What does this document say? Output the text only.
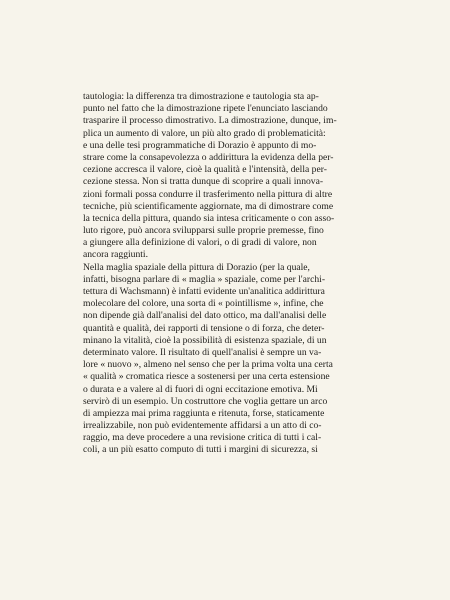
tautologia: la differenza tra dimostrazione e tautologia sta ap-
punto nel fatto che la dimostrazione ripete l'enunciato lasciando
trasparire il processo dimostrativo. La dimostrazione, dunque, im-
plica un aumento di valore, un più alto grado di problematicità:
e una delle tesi programmatiche di Dorazio è appunto di mo-
strare come la consapevolezza o addirittura la evidenza della per-
cezione accresca il valore, cioè la qualità e l'intensità, della per-
cezione stessa. Non si tratta dunque di scoprire a quali innova-
zioni formali possa condurre il trasferimento nella pittura di altre
tecniche, più scientificamente aggiornate, ma di dimostrare come
la tecnica della pittura, quando sia intesa criticamente o con asso-
luto rigore, può ancora svilupparsi sulle proprie premesse, fino
a giungere alla definizione di valori, o di gradi di valore, non
ancora raggiunti.
Nella maglia spaziale della pittura di Dorazio (per la quale,
infatti, bisogna parlare di « maglia » spaziale, come per l'archi-
tettura di Wachsmann) è infatti evidente un'analitica addirittura
molecolare del colore, una sorta di « pointillisme », infine, che
non dipende già dall'analisi del dato ottico, ma dall'analisi delle
quantità e qualità, dei rapporti di tensione o di forza, che deter-
minano la vitalità, cioè la possibilità di esistenza spaziale, di un
determinato valore. Il risultato di quell'analisi è sempre un va-
lore « nuovo », almeno nel senso che per la prima volta una certa
« qualità » cromatica riesce a sostenersi per una certa estensione
o durata e a valere al di fuori di ogni eccitazione emotiva. Mi
servirò di un esempio. Un costruttore che voglia gettare un arco
di ampiezza mai prima raggiunta e ritenuta, forse, staticamente
irrealizzabile, non può evidentemente affidarsi a un atto di co-
raggio, ma deve procedere a una revisione critica di tutti i cal-
coli, a un più esatto computo di tutti i margini di sicurezza, si
